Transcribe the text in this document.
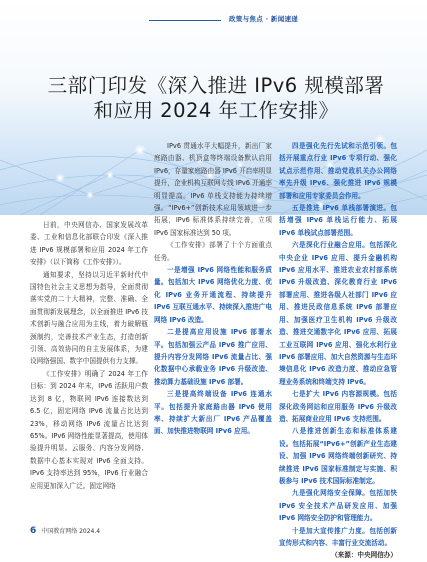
政策与焦点 · 新闻速递
三部门印发《深入推进 IPv6 规模部署
和应用 2024 年工作安排》

日前，中央网信办、国家发展改革委、工业和信息化部联合印发《深入推进 IPv6 规模部署和应用 2024 年工作安排》（以下简称《工作安排》）。

通知要求，坚持以习近平新时代中国特色社会主义思想为指导，全面贯彻落实党的二十大精神，完整、准确、全面贯彻新发展理念，以全面推进 IPv6 技术创新与融合应用为主线，着力破解瓶颈制约，完善技术产业生态，打造创新引领、高效协同的自主发展体系，为建设网络强国、数字中国提供有力支撑。

《工作安排》明确了 2024 年工作目标：到 2024 年末，IPv6 活跃用户数达到 8 亿，物联网 IPv6 连接数达到 6.5 亿，固定网络 IPv6 流量占比达到 23%，移动网络 IPv6 流量占比达到 65%。IPv6 网络性能显著提高，使用体验提升明显。云服务、内容分发网络、数据中心基本实现对 IPv6 全面支持。IPv6 支持率达到 95%，IPv6 行业融合应用更加深入广泛。固定网络

IPv6 贯通水平大幅提升，新出厂家庭路由器、机顶盒等终端设备默认启用 IPv6，存量家庭路由器 IPv6 开启率明显提升，企业机构互联网专线 IPv6 开通率明显提高。IPv6 单栈支持能力持续增强。“IPv6+”创新技术应用领域进一步拓展，IPv6 标准体系持续完善，立项 IPv6 国家标准达到 50 项。

《工作安排》部署了十个方面重点任务。

一是增强 IPv6 网络性能和服务质量。包括加大 IPv6 网络优化力度、优化 IPv6 业务开通流程、持续提升 IPv6 互联互通水平、持续深入推进广电网络 IPv6 改造。

二是提高应用设施 IPv6 部署水平。包括加强云产品 IPv6 推广应用、提升内容分发网络 IPv6 流量占比、强化数据中心承载业务 IPv6 升级改造、推动算力基础设施 IPv6 部署。

三是提高终端设备 IPv6 连通水平。包括提升家庭路由器 IPv6 使用率、持续扩大新出厂 IPv6 产品覆盖面、加快推进物联网 IPv6 应用。

四是强化先行先试和示范引领。包括开展重点行业 IPv6 专项行动、强化试点示范作用、推动党政机关办公网络率先升级 IPv6、强化推进 IPv6 规模部署和应用专家委员会作用。

五是推进 IPv6 单栈部署演进。包括增强 IPv6 单栈运行能力、拓展 IPv6 单栈试点部署范围。

六是深化行业融合应用。包括深化中央企业 IPv6 应用、提升金融机构 IPv6 应用水平、推进农业农村部系统 IPv6 升级改造、深化教育行业 IPv6 部署应用、推进各级人社部门 IPv6 应用、推进民政信息系统 IPv6 部署应用、加强医疗卫生机构 IPv6 升级改造、推进交通数字化 IPv6 应用、拓展工业互联网 IPv6 应用、强化水利行业 IPv6 部署应用、加大自然资源与生态环境信息化 IPv6 改造力度、推动应急管理业务系统和终端支持 IPv6。

七是扩大 IPv6 内容源规模。包括深化政务网站和应用服务 IPv6 升级改造、拓展商业应用 IPv6 支持范围。

八是推进创新生态和标准体系建设。包括拓展“IPv6+”创新产业生态建设、加强 IPv6 网络终端创新研究、持续推进 IPv6 国家标准制定与实施、积极参与 IPv6 技术国际标准制定。

九是强化网络安全保障。包括加快 IPv6 安全技术产品研发应用、加强 IPv6 网络安全防护和管理能力。

十是加大宣传推广力度。包括创新宣传形式和内容、丰富行业交流活动。

（来源：中央网信办）

6 中国教育网络 2024.4
